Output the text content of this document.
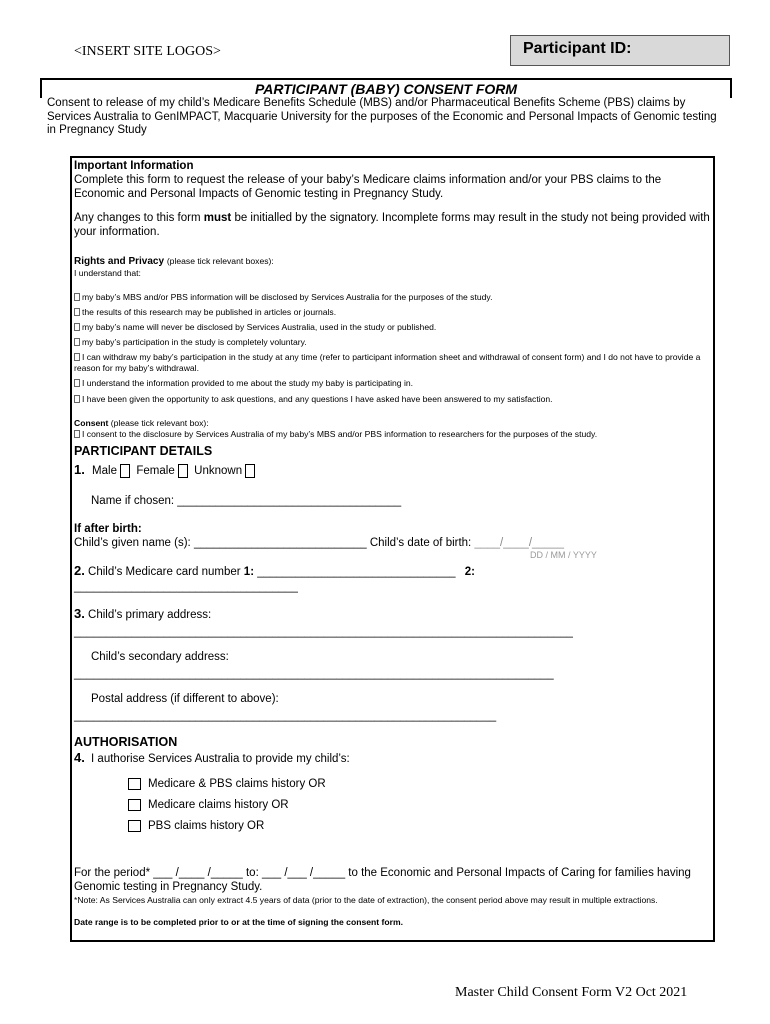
<INSERT SITE LOGOS>	Participant ID:
PARTICIPANT (BABY) CONSENT FORM
Consent to release of my child’s Medicare Benefits Schedule (MBS) and/or Pharmaceutical Benefits Scheme (PBS) claims by Services Australia to GenIMPACT, Macquarie University for the purposes of the Economic and Personal Impacts of Genomic testing in Pregnancy Study
Important Information
Complete this form to request the release of your baby’s Medicare claims information and/or your PBS claims to the Economic and Personal Impacts of Genomic testing in Pregnancy Study.
Any changes to this form must be initialled by the signatory. Incomplete forms may result in the study not being provided with your information.
Rights and Privacy (please tick relevant boxes):
I understand that:
my baby’s MBS and/or PBS information will be disclosed by Services Australia for the purposes of the study.
the results of this research may be published in articles or journals.
my baby’s name will never be disclosed by Services Australia, used in the study or published.
my baby’s participation in the study is completely voluntary.
I can withdraw my baby’s participation in the study at any time (refer to participant information sheet and withdrawal of consent form) and I do not have to provide a reason for my baby’s withdrawal.
I understand the information provided to me about the study my baby is participating in.
I have been given the opportunity to ask questions, and any questions I have asked have been answered to my satisfaction.
Consent (please tick relevant box):
I consent to the disclosure by Services Australia of my baby’s MBS and/or PBS information to researchers for the purposes of the study.
PARTICIPANT DETAILS
1. Male Female Unknown
Name if chosen: ___________________________________
If after birth:
Child’s given name (s): ___________________________ Child’s date of birth: ____/____/_____
DD / MM / YYYY
2. Child’s Medicare card number 1: _______________________________ 2:
___________________________________
3. Child’s primary address:
______________________________________________________________________________
Child’s secondary address:
___________________________________________________________________________
Postal address (if different to above):
__________________________________________________________________
AUTHORISATION
4. I authorise Services Australia to provide my child’s:
Medicare & PBS claims history OR
Medicare claims history OR
PBS claims history OR
For the period* ___ /____ /_____ to: ___ /___ /_____ to the Economic and Personal Impacts of Caring for families having Genomic testing in Pregnancy Study.
*Note: As Services Australia can only extract 4.5 years of data (prior to the date of extraction), the consent period above may result in multiple extractions.
Date range is to be completed prior to or at the time of signing the consent form.
Master Child Consent Form V2 Oct 2021
